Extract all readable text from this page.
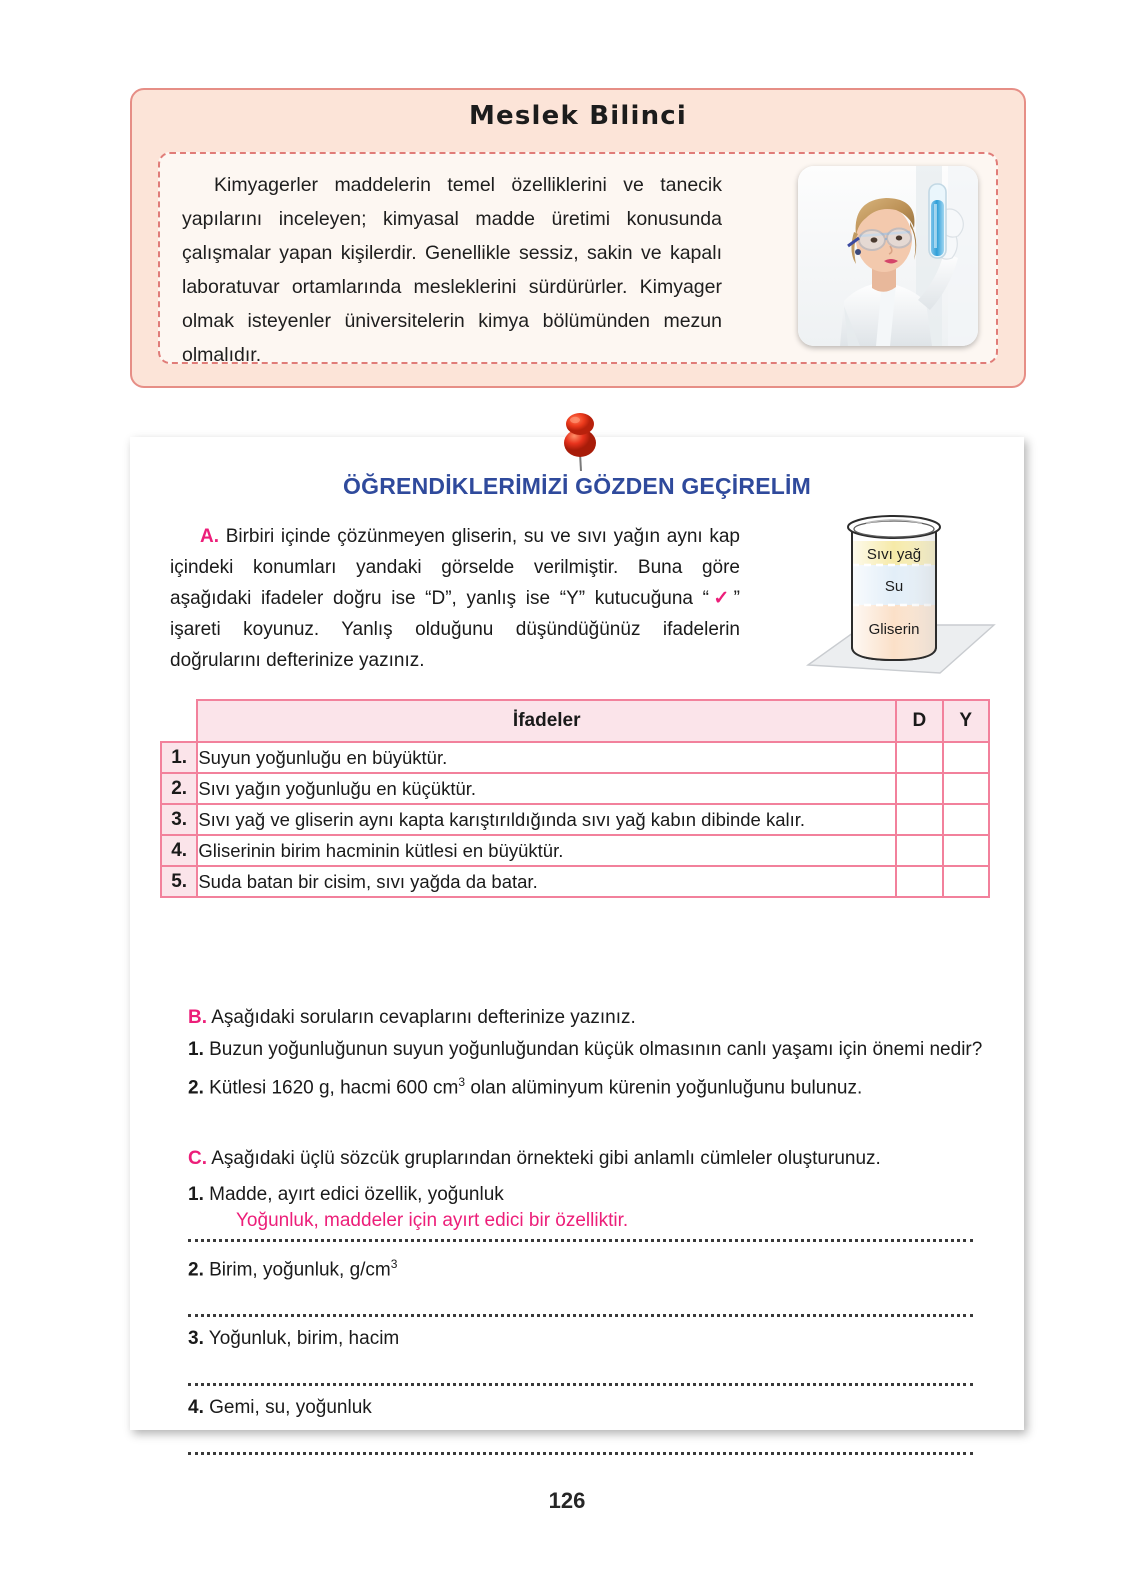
Meslek Bilinci
Kimyagerler maddelerin temel özelliklerini ve tanecik yapılarını inceleyen; kimyasal madde üretimi konusunda çalışmalar yapan kişilerdir. Genellikle sessiz, sakin ve kapalı laboratuvar ortamlarında mesleklerini sürdürürler. Kimyager olmak isteyenler üniversitelerin kimya bölümünden mezun olmalıdır.
ÖĞRENDİKLERİMİZİ GÖZDEN GEÇİRELİM

A. Birbiri içinde çözünmeyen gliserin, su ve sıvı yağın aynı kap içindeki konumları yandaki görselde verilmiştir. Buna göre aşağıdaki ifadeler doğru ise “D”, yanlış ise “Y” kutucuğuna “✓” işareti koyunuz. Yanlış olduğunu düşündüğünüz ifadelerin doğrularını defterinize yazınız.

Sıvı yağ
Su
Gliserin
	İfadeler	D	Y
1.	Suyun yoğunluğu en büyüktür.		
2.	Sıvı yağın yoğunluğu en küçüktür.		
3.	Sıvı yağ ve gliserin aynı kapta karıştırıldığında sıvı yağ kabın dibinde kalır.		
4.	Gliserinin birim hacminin kütlesi en büyüktür.		
5.	Suda batan bir cisim, sıvı yağda da batar.		

B. Aşağıdaki soruların cevaplarını defterinize yazınız.

1. Buzun yoğunluğunun suyun yoğunluğundan küçük olmasının canlı yaşamı için önemi nedir?

2. Kütlesi 1620 g, hacmi 600 $cm^3$ olan alüminyum kürenin yoğunluğunu bulunuz.

C. Aşağıdaki üçlü sözcük gruplarından örnekteki gibi anlamlı cümleler oluşturunuz.

1. Madde, ayırt edici özellik, yoğunluk
Yoğunluk, maddeler için ayırt edici bir özelliktir.
2. Birim, yoğunluk, $g/cm^3$
3. Yoğunluk, birim, hacim
4. Gemi, su, yoğunluk
126
